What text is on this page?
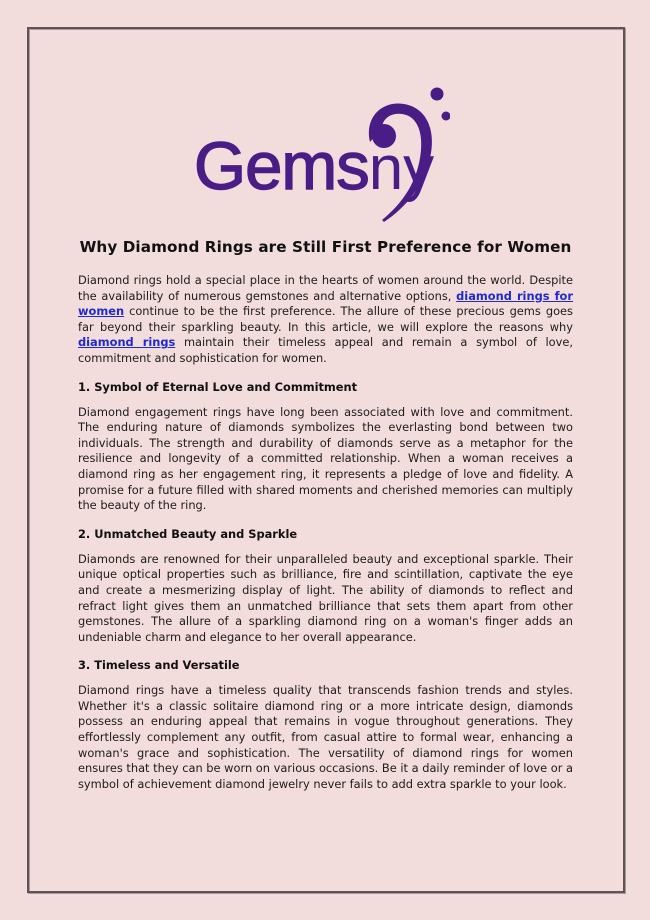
Gemsny
Why Diamond Rings are Still First Preference for Women

Diamond rings hold a special place in the hearts of women around the world. Despite the availability of numerous gemstones and alternative options, diamond rings for women continue to be the first preference. The allure of these precious gems goes far beyond their sparkling beauty. In this article, we will explore the reasons why diamond rings maintain their timeless appeal and remain a symbol of love, commitment and sophistication for women.

1. Symbol of Eternal Love and Commitment

Diamond engagement rings have long been associated with love and commitment. The enduring nature of diamonds symbolizes the everlasting bond between two individuals. The strength and durability of diamonds serve as a metaphor for the resilience and longevity of a committed relationship. When a woman receives a diamond ring as her engagement ring, it represents a pledge of love and fidelity. A promise for a future filled with shared moments and cherished memories can multiply the beauty of the ring.

2. Unmatched Beauty and Sparkle

Diamonds are renowned for their unparalleled beauty and exceptional sparkle. Their unique optical properties such as brilliance, fire and scintillation, captivate the eye and create a mesmerizing display of light. The ability of diamonds to reflect and refract light gives them an unmatched brilliance that sets them apart from other gemstones. The allure of a sparkling diamond ring on a woman's finger adds an undeniable charm and elegance to her overall appearance.

3. Timeless and Versatile

Diamond rings have a timeless quality that transcends fashion trends and styles. Whether it's a classic solitaire diamond ring or a more intricate design, diamonds possess an enduring appeal that remains in vogue throughout generations. They effortlessly complement any outfit, from casual attire to formal wear, enhancing a woman's grace and sophistication. The versatility of diamond rings for women ensures that they can be worn on various occasions. Be it a daily reminder of love or a symbol of achievement diamond jewelry never fails to add extra sparkle to your look.
